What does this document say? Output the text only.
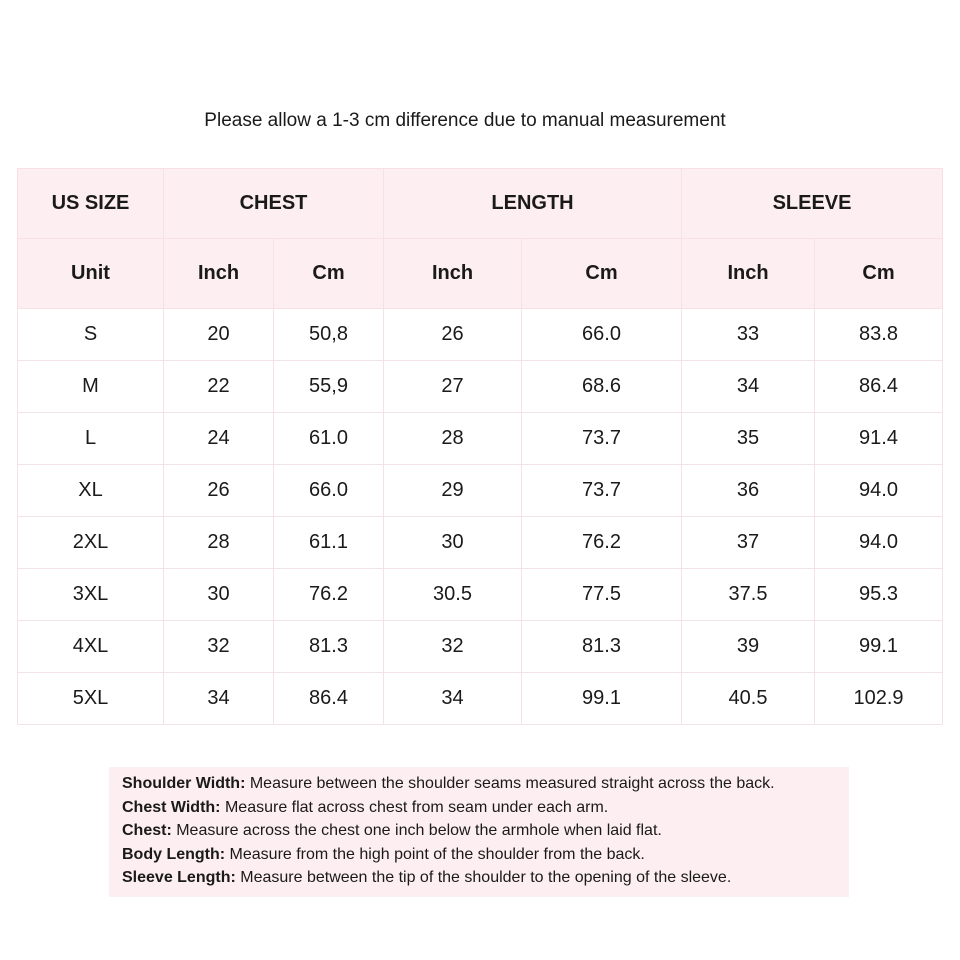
Please allow a 1-3 cm difference due to manual measurement
US SIZE	CHEST		LENGTH		SLEEVE	
Unit	Inch	Cm	Inch	Cm	Inch	Cm
S	20	50,8	26	66.0	33	83.8
M	22	55,9	27	68.6	34	86.4
L	24	61.0	28	73.7	35	91.4
XL	26	66.0	29	73.7	36	94.0
2XL	28	61.1	30	76.2	37	94.0
3XL	30	76.2	30.5	77.5	37.5	95.3
4XL	32	81.3	32	81.3	39	99.1
5XL	34	86.4	34	99.1	40.5	102.9
Shoulder Width: Measure between the shoulder seams measured straight across the back.
Chest Width: Measure flat across chest from seam under each arm.
Chest: Measure across the chest one inch below the armhole when laid flat.
Body Length: Measure from the high point of the shoulder from the back.
Sleeve Length: Measure between the tip of the shoulder to the opening of the sleeve.
